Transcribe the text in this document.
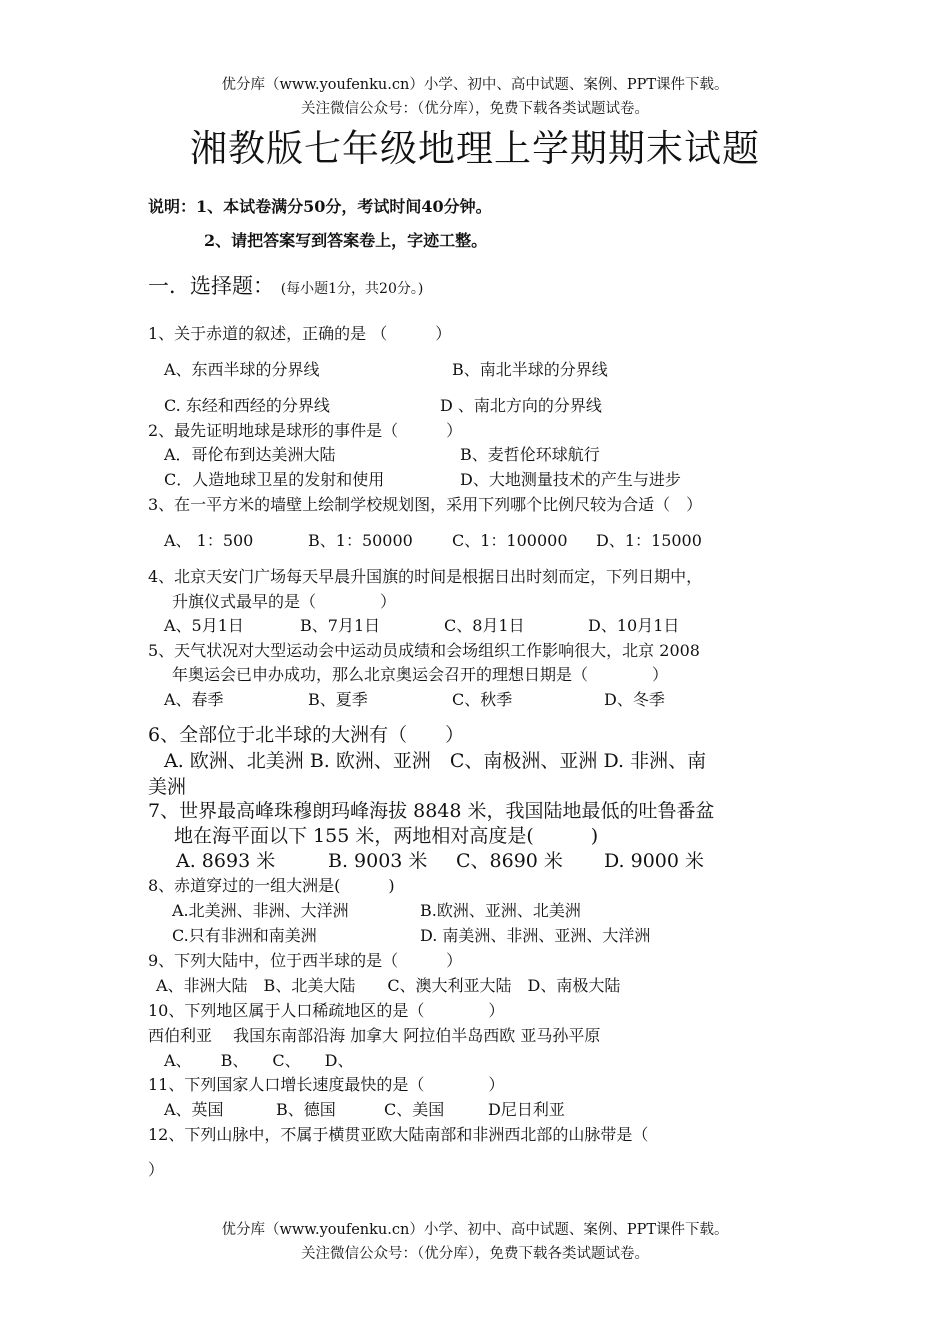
优分库（www.youfenku.cn）小学、初中、高中试题、案例、PPT课件下载。
关注微信公众号：（优分库），免费下载各类试题试卷。
湘教版七年级地理上学期期末试题
说明：1、本试卷满分50分，考试时间40分钟。
2、请把答案写到答案卷上，字迹工整。
一．选择题： (每小题1分，共20分。)
1、关于赤道的叙述，正确的是 （　　　）
A、东西半球的分界线	B、南北半球的分界线
C. 东经和西经的分界线	D 、南北方向的分界线
2、最先证明地球是球形的事件是（　　　）
A．哥伦布到达美洲大陆	B、麦哲伦环球航行
C．人造地球卫星的发射和使用	D、大地测量技术的产生与进步
3、在一平方米的墙壁上绘制学校规划图，采用下列哪个比例尺较为合适（　）
A、 1：500	B、1：50000 C、1：100000 D、1：15000
4、北京天安门广场每天早晨升国旗的时间是根据日出时刻而定，下列日期中，
升旗仪式最早的是（　　　　）
A、5月1日	B、7月1日	C、8月1日	D、10月1日
5、天气状况对大型运动会中运动员成绩和会场组织工作影响很大，北京 2008
年奥运会已申办成功，那么北京奥运会召开的理想日期是（　　　　）
A、春季	B、夏季	C、秋季	D、冬季
6、全部位于北半球的大洲有（　　）
A. 欧洲、北美洲 B. 欧洲、亚洲　C、南极洲、亚洲 D. 非洲、南
美洲
7、世界最高峰珠穆朗玛峰海拔 8848 米，我国陆地最低的吐鲁番盆
地在海平面以下 155 米，两地相对高度是(　　　)
A. 8693 米	B. 9003 米 C、8690 米 D. 9000 米
8、赤道穿过的一组大洲是(　　　)
A.北美洲、非洲、大洋洲	B.欧洲、亚洲、北美洲
C.只有非洲和南美洲	D. 南美洲、非洲、亚洲、大洋洲
9、下列大陆中，位于西半球的是（　　　）
A、非洲大陆　B、北美大陆　　C、澳大利亚大陆　D、南极大陆
10、下列地区属于人口稀疏地区的是（　　　　）
西伯利亚　 我国东南部沿海 加拿大 阿拉伯半岛西欧 亚马孙平原
A、　　 B、　　C、　　D、
11、下列国家人口增长速度最快的是（　　　　）
A、英国	B、德国	C、美国	D尼日利亚
12、下列山脉中，不属于横贯亚欧大陆南部和非洲西北部的山脉带是（
）
优分库（www.youfenku.cn）小学、初中、高中试题、案例、PPT课件下载。
关注微信公众号：（优分库），免费下载各类试题试卷。
